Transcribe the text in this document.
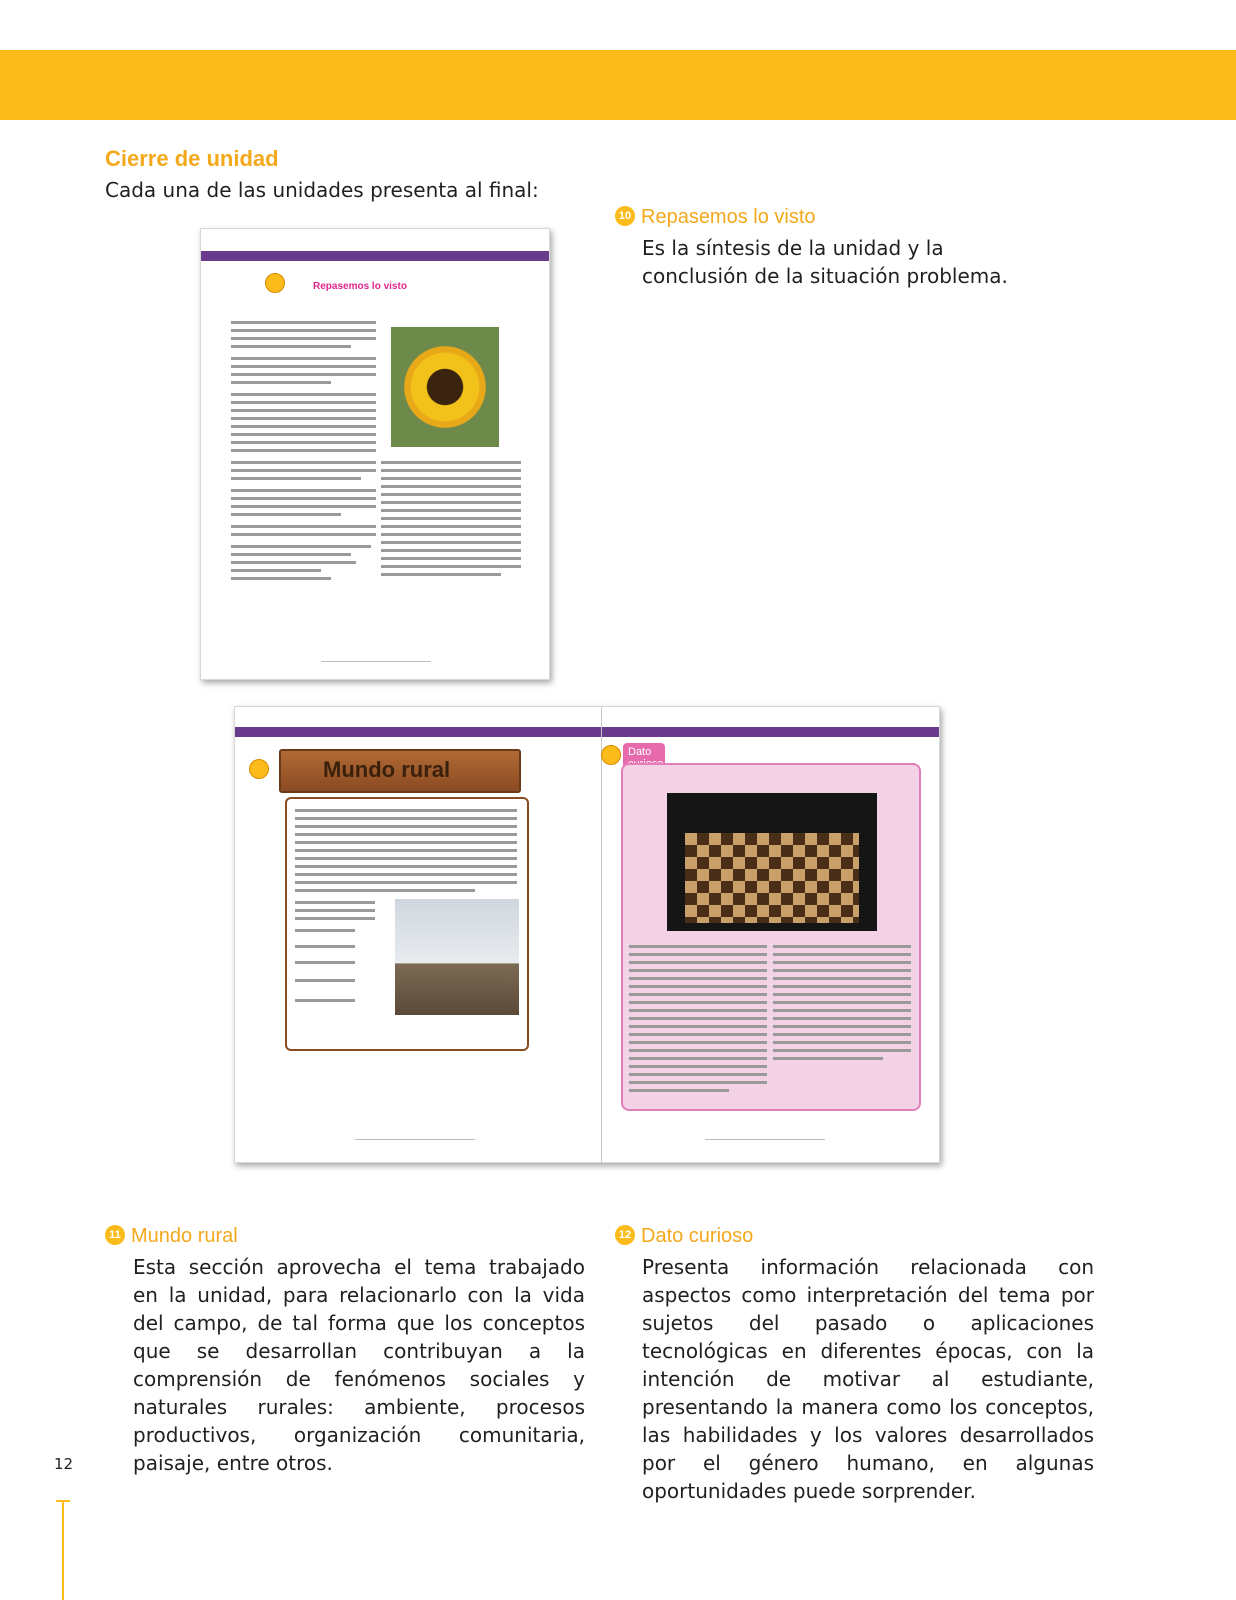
Cierre de unidad
Cada una de las unidades presenta al final:
Repasemos lo visto
Mundo rural
Dato
10 Repasemos lo visto
Es la síntesis de la unidad y la conclusión de la situación problema.
11 Mundo rural
Esta sección aprovecha el tema trabajado en la unidad, para relacionarlo con la vida del campo, de tal forma que los conceptos que se desarrollan contribuyan a la comprensión de fenómenos sociales y naturales rurales: ambiente, procesos productivos, organización comunitaria, paisaje, entre otros.
12 Dato curioso
Presenta información relacionada con aspectos como interpretación del tema por sujetos del pasado o aplicaciones tecnológicas en diferentes épocas, con la intención de motivar al estudiante, presentando la manera como los conceptos, las habilidades y los valores desarrollados por el género humano, en algunas oportunidades puede sorprender.
12
